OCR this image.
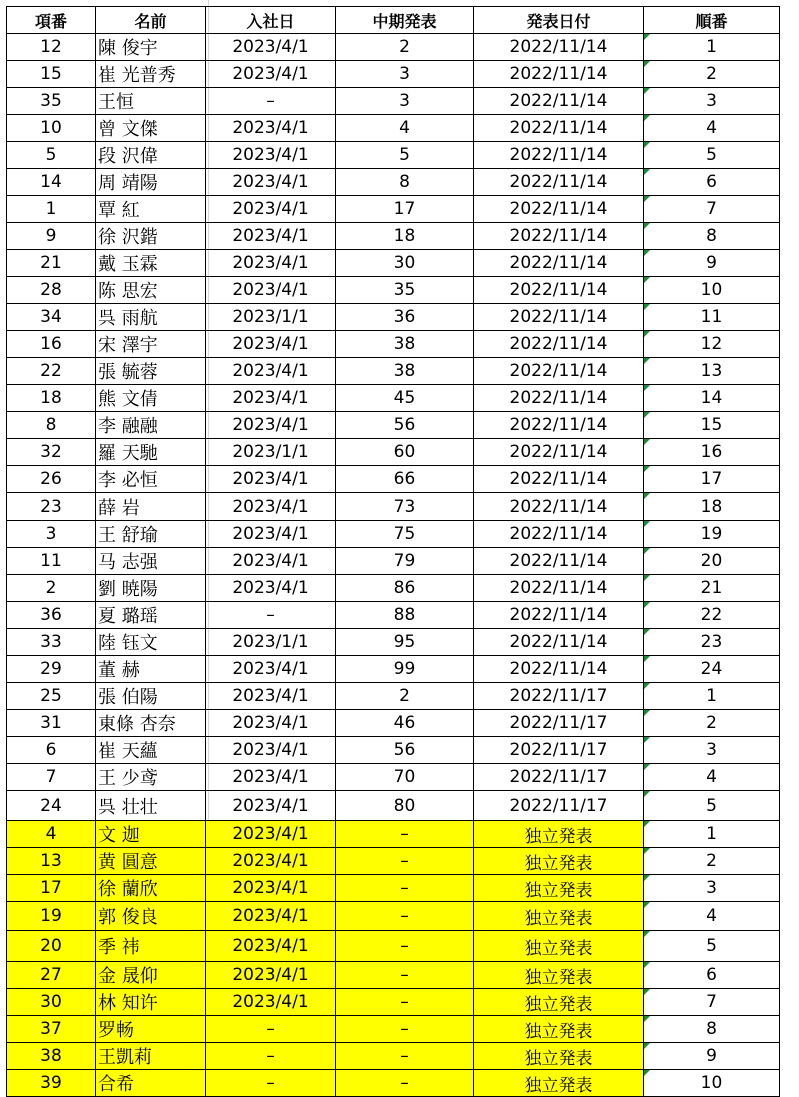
項番	名前	入社日	中期発表	発表日付	順番
12	陳 俊宇	2023/4/1	2	2022/11/14	1
15	崔 光普秀	2023/4/1	3	2022/11/14	2
35	王恒	–	3	2022/11/14	3
10	曾 文傑	2023/4/1	4	2022/11/14	4
5	段 沢偉	2023/4/1	5	2022/11/14	5
14	周 靖陽	2023/4/1	8	2022/11/14	6
1	覃 紅	2023/4/1	17	2022/11/14	7
9	徐 沢鍇	2023/4/1	18	2022/11/14	8
21	戴 玉霖	2023/4/1	30	2022/11/14	9
28	陈 思宏	2023/4/1	35	2022/11/14	10
34	呉 雨航	2023/1/1	36	2022/11/14	11
16	宋 澤宇	2023/4/1	38	2022/11/14	12
22	張 毓蓉	2023/4/1	38	2022/11/14	13
18	熊 文倩	2023/4/1	45	2022/11/14	14
8	李 融融	2023/4/1	56	2022/11/14	15
32	羅 天馳	2023/1/1	60	2022/11/14	16
26	李 必恒	2023/4/1	66	2022/11/14	17
23	薛 岩	2023/4/1	73	2022/11/14	18
3	王 舒瑜	2023/4/1	75	2022/11/14	19
11	马 志强	2023/4/1	79	2022/11/14	20
2	劉 暁陽	2023/4/1	86	2022/11/14	21
36	夏 璐瑶	–	88	2022/11/14	22
33	陸 钰文	2023/1/1	95	2022/11/14	23
29	董 赫	2023/4/1	99	2022/11/14	24
25	張 伯陽	2023/4/1	2	2022/11/17	1
31	東條 杏奈	2023/4/1	46	2022/11/17	2
6	崔 天蘊	2023/4/1	56	2022/11/17	3
7	王 少鸢	2023/4/1	70	2022/11/17	4
24	呉 壮壮	2023/4/1	80	2022/11/17	5
4	文 迦	2023/4/1	–	独立発表	1
13	黄 圓意	2023/4/1	–	独立発表	2
17	徐 蘭欣	2023/4/1	–	独立発表	3
19	郭 俊良	2023/4/1	–	独立発表	4
20	季 祎	2023/4/1	–	独立発表	5
27	金 晟仰	2023/4/1	–	独立発表	6
30	林 知许	2023/4/1	–	独立発表	7
37	罗畅	–	–	独立発表	8
38	王凱莉	–	–	独立発表	9
39	合希	–	–	独立発表	10
